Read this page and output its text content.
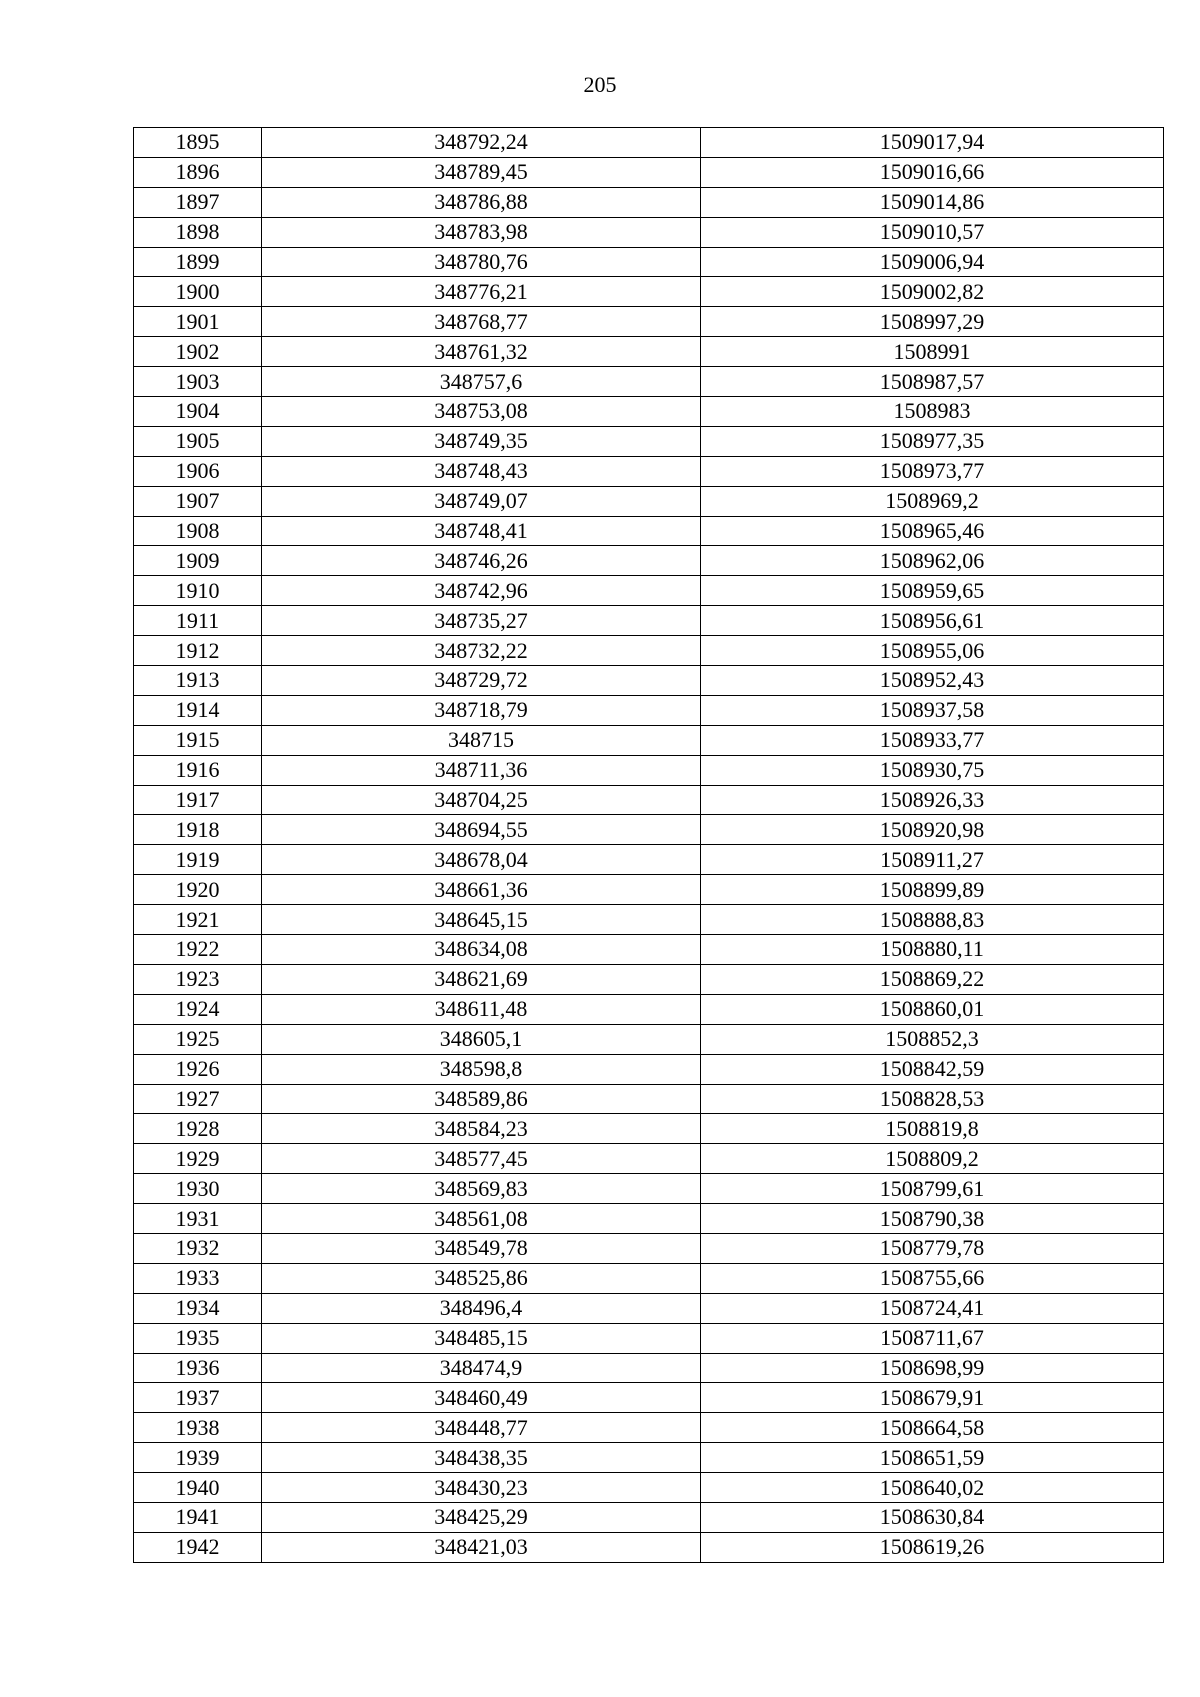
205
1895	348792,24	1509017,94
1896	348789,45	1509016,66
1897	348786,88	1509014,86
1898	348783,98	1509010,57
1899	348780,76	1509006,94
1900	348776,21	1509002,82
1901	348768,77	1508997,29
1902	348761,32	1508991
1903	348757,6	1508987,57
1904	348753,08	1508983
1905	348749,35	1508977,35
1906	348748,43	1508973,77
1907	348749,07	1508969,2
1908	348748,41	1508965,46
1909	348746,26	1508962,06
1910	348742,96	1508959,65
1911	348735,27	1508956,61
1912	348732,22	1508955,06
1913	348729,72	1508952,43
1914	348718,79	1508937,58
1915	348715	1508933,77
1916	348711,36	1508930,75
1917	348704,25	1508926,33
1918	348694,55	1508920,98
1919	348678,04	1508911,27
1920	348661,36	1508899,89
1921	348645,15	1508888,83
1922	348634,08	1508880,11
1923	348621,69	1508869,22
1924	348611,48	1508860,01
1925	348605,1	1508852,3
1926	348598,8	1508842,59
1927	348589,86	1508828,53
1928	348584,23	1508819,8
1929	348577,45	1508809,2
1930	348569,83	1508799,61
1931	348561,08	1508790,38
1932	348549,78	1508779,78
1933	348525,86	1508755,66
1934	348496,4	1508724,41
1935	348485,15	1508711,67
1936	348474,9	1508698,99
1937	348460,49	1508679,91
1938	348448,77	1508664,58
1939	348438,35	1508651,59
1940	348430,23	1508640,02
1941	348425,29	1508630,84
1942	348421,03	1508619,26
